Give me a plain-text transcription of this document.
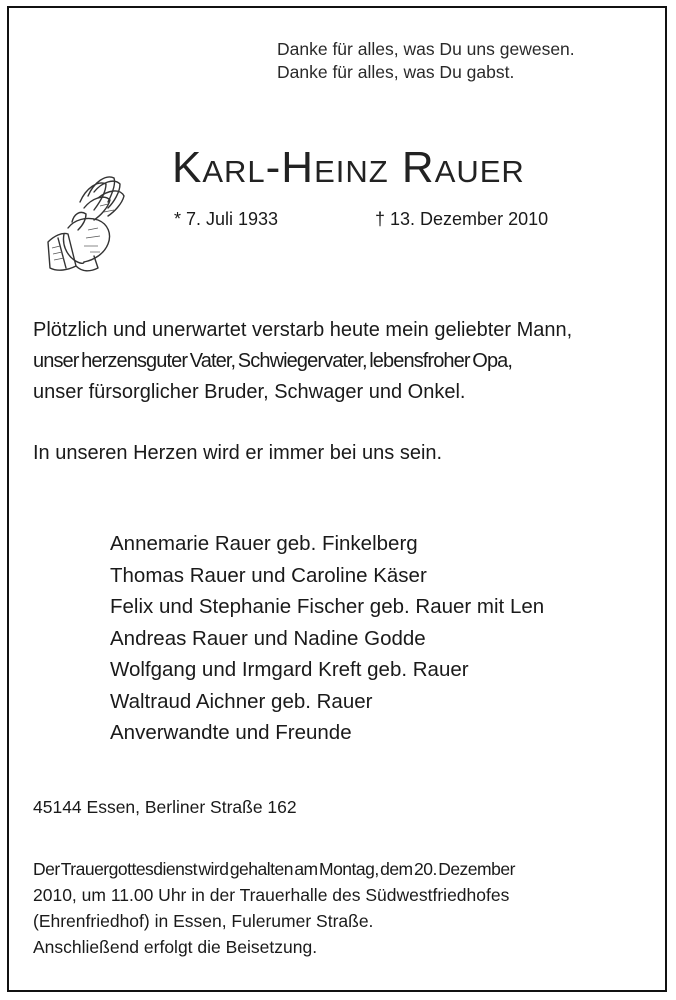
Danke für alles, was Du uns gewesen.
Danke für alles, was Du gabst.
Karl-Heinz Rauer
* 7. Juli 1933	† 13. Dezember 2010
Plötzlich und unerwartet verstarb heute mein geliebter Mann,
unser herzensguter Vater, Schwiegervater, lebensfroher Opa,
unser fürsorglicher Bruder, Schwager und Onkel.
In unseren Herzen wird er immer bei uns sein.
Annemarie Rauer geb. Finkelberg
Thomas Rauer und Caroline Käser
Felix und Stephanie Fischer geb. Rauer mit Len
Andreas Rauer und Nadine Godde
Wolfgang und Irmgard Kreft geb. Rauer
Waltraud Aichner geb. Rauer
Anverwandte und Freunde
45144 Essen, Berliner Straße 162
Der Trauergottesdienst wird gehalten am Montag, dem 20. Dezember
2010, um 11.00 Uhr in der Trauerhalle des Südwestfriedhofes
(Ehrenfriedhof) in Essen, Fulerumer Straße.
Anschließend erfolgt die Beisetzung.
